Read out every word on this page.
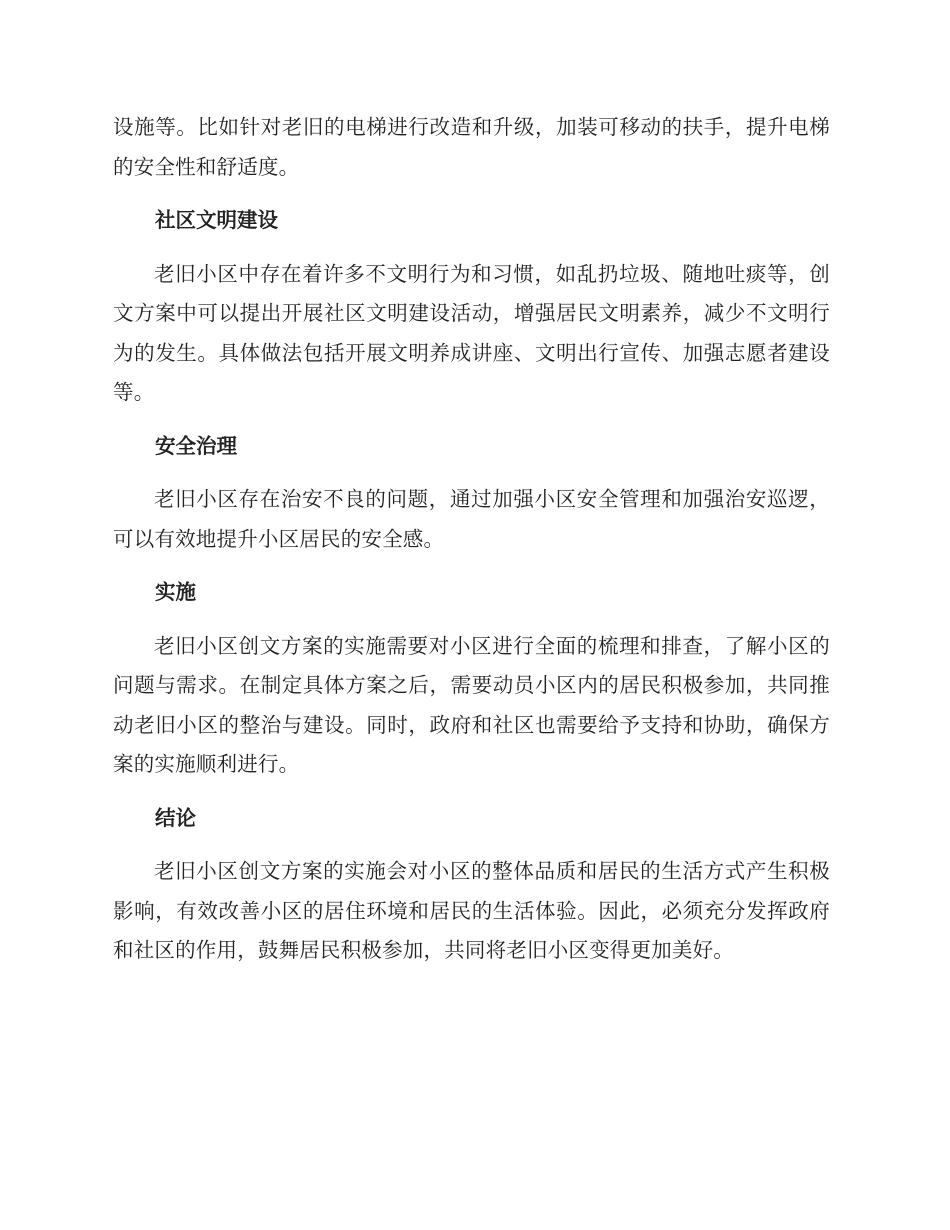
设施等。比如针对老旧的电梯进行改造和升级，加装可移动的扶手，提升电梯的安全性和舒适度。

社区文明建设

老旧小区中存在着许多不文明行为和习惯，如乱扔垃圾、随地吐痰等，创文方案中可以提出开展社区文明建设活动，增强居民文明素养，减少不文明行为的发生。具体做法包括开展文明养成讲座、文明出行宣传、加强志愿者建设等。

安全治理

老旧小区存在治安不良的问题，通过加强小区安全管理和加强治安巡逻，可以有效地提升小区居民的安全感。

实施

老旧小区创文方案的实施需要对小区进行全面的梳理和排查，了解小区的问题与需求。在制定具体方案之后，需要动员小区内的居民积极参加，共同推动老旧小区的整治与建设。同时，政府和社区也需要给予支持和协助，确保方案的实施顺利进行。

结论

老旧小区创文方案的实施会对小区的整体品质和居民的生活方式产生积极影响，有效改善小区的居住环境和居民的生活体验。因此，必须充分发挥政府和社区的作用，鼓舞居民积极参加，共同将老旧小区变得更加美好。
